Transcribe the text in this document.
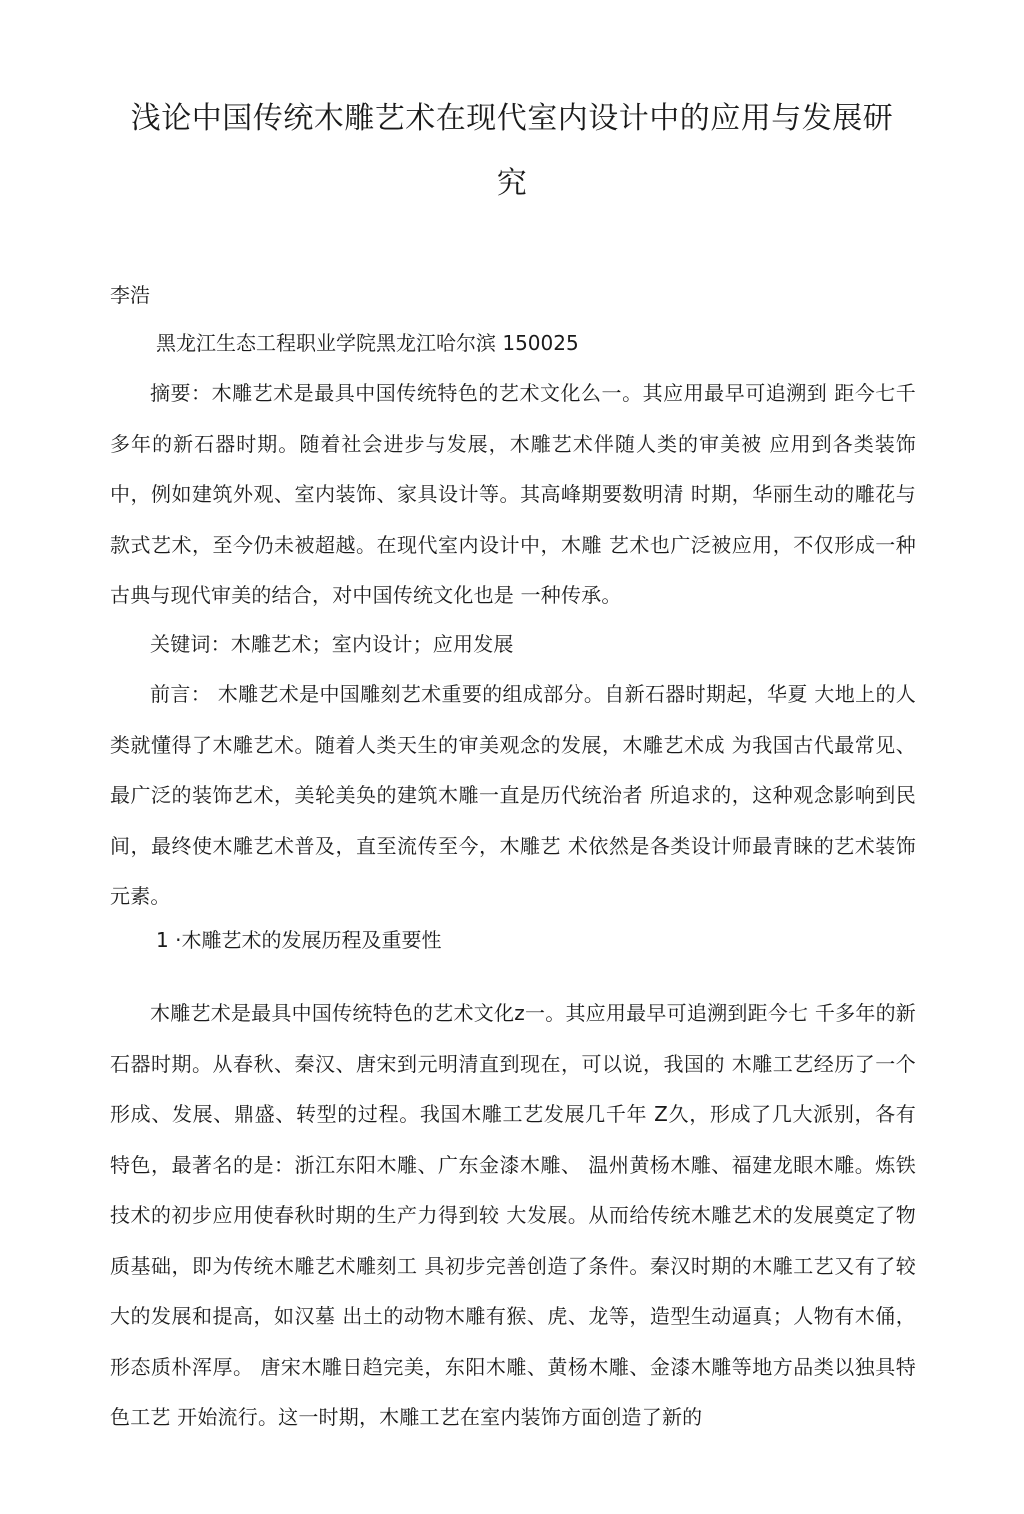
浅论中国传统木雕艺术在现代室内设计中的应用与发展研
究
李浩
黑龙江生态工程职业学院黑龙江哈尔滨 150025

摘要：木雕艺术是最具中国传统特色的艺术文化么一。其应用最早可追溯到 距今七千多年的新石器时期。随着社会进步与发展，木雕艺术伴随人类的审美被 应用到各类装饰中，例如建筑外观、室内装饰、家具设计等。其高峰期要数明清 时期，华丽生动的雕花与款式艺术，至今仍未被超越。在现代室内设计中，木雕 艺术也广泛被应用，不仅形成一种古典与现代审美的结合，对中国传统文化也是 一种传承。

关键词：木雕艺术；室内设计；应用发展

前言： 木雕艺术是中国雕刻艺术重要的组成部分。自新石器时期起，华夏 大地上的人类就懂得了木雕艺术。随着人类天生的审美观念的发展，木雕艺术成 为我国古代最常见、最广泛的装饰艺术，美轮美奂的建筑木雕一直是历代统治者 所追求的，这种观念影响到民间，最终使木雕艺术普及，直至流传至今，木雕艺 术依然是各类设计师最青睐的艺术装饰元素。

1 ·木雕艺术的发展历程及重要性

木雕艺术是最具中国传统特色的艺术文化z一。其应用最早可追溯到距今七 千多年的新石器时期。从春秋、秦汉、唐宋到元明清直到现在，可以说，我国的 木雕工艺经历了一个形成、发展、鼎盛、转型的过程。我国木雕工艺发展几千年 Z久，形成了几大派别，各有特色，最著名的是：浙江东阳木雕、广东金漆木雕、 温州黄杨木雕、福建龙眼木雕。炼铁技术的初步应用使春秋时期的生产力得到较 大发展。从而给传统木雕艺术的发展奠定了物质基础，即为传统木雕艺术雕刻工 具初步完善创造了条件。秦汉时期的木雕工艺又有了较大的发展和提高，如汉墓 出土的动物木雕有猴、虎、龙等，造型生动逼真；人物有木俑，形态质朴浑厚。 唐宋木雕日趋完美，东阳木雕、黄杨木雕、金漆木雕等地方品类以独具特色工艺 开始流行。这一时期，木雕工艺在室内装饰方面创造了新的
